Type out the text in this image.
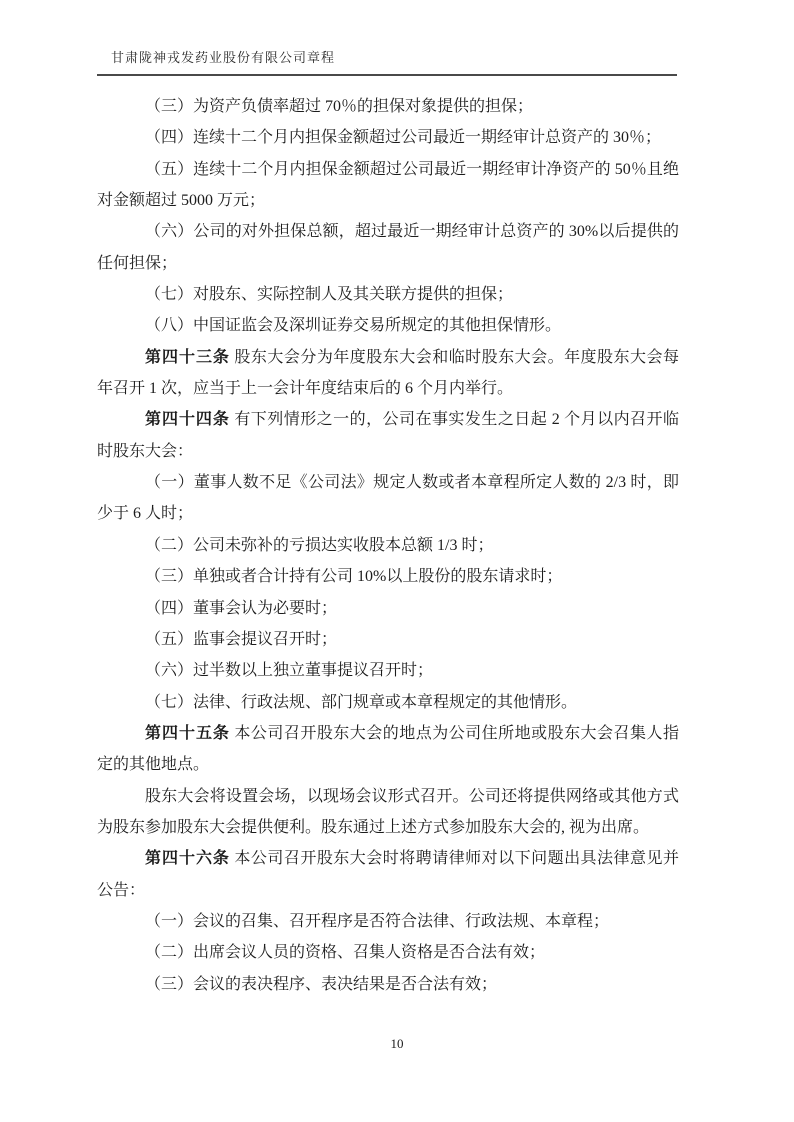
甘肃陇神戎发药业股份有限公司章程

（三）为资产负债率超过 70％的担保对象提供的担保；

（四）连续十二个月内担保金额超过公司最近一期经审计总资产的 30％；

（五）连续十二个月内担保金额超过公司最近一期经审计净资产的 50％且绝对金额超过 5000 万元；

（六）公司的对外担保总额，超过最近一期经审计总资产的 30%以后提供的任何担保；

（七）对股东、实际控制人及其关联方提供的担保；

（八）中国证监会及深圳证券交易所规定的其他担保情形。

第四十三条 股东大会分为年度股东大会和临时股东大会。年度股东大会每年召开 1 次，应当于上一会计年度结束后的 6 个月内举行。

第四十四条 有下列情形之一的，公司在事实发生之日起 2 个月以内召开临时股东大会：

（一）董事人数不足《公司法》规定人数或者本章程所定人数的 2/3 时，即少于 6 人时；

（二）公司未弥补的亏损达实收股本总额 1/3 时；

（三）单独或者合计持有公司 10%以上股份的股东请求时；

（四）董事会认为必要时；

（五）监事会提议召开时；

（六）过半数以上独立董事提议召开时；

（七）法律、行政法规、部门规章或本章程规定的其他情形。

第四十五条 本公司召开股东大会的地点为公司住所地或股东大会召集人指定的其他地点。

股东大会将设置会场，以现场会议形式召开。公司还将提供网络或其他方式为股东参加股东大会提供便利。股东通过上述方式参加股东大会的, 视为出席。

第四十六条 本公司召开股东大会时将聘请律师对以下问题出具法律意见并公告：

（一）会议的召集、召开程序是否符合法律、行政法规、本章程；

（二）出席会议人员的资格、召集人资格是否合法有效；

（三）会议的表决程序、表决结果是否合法有效；

10
